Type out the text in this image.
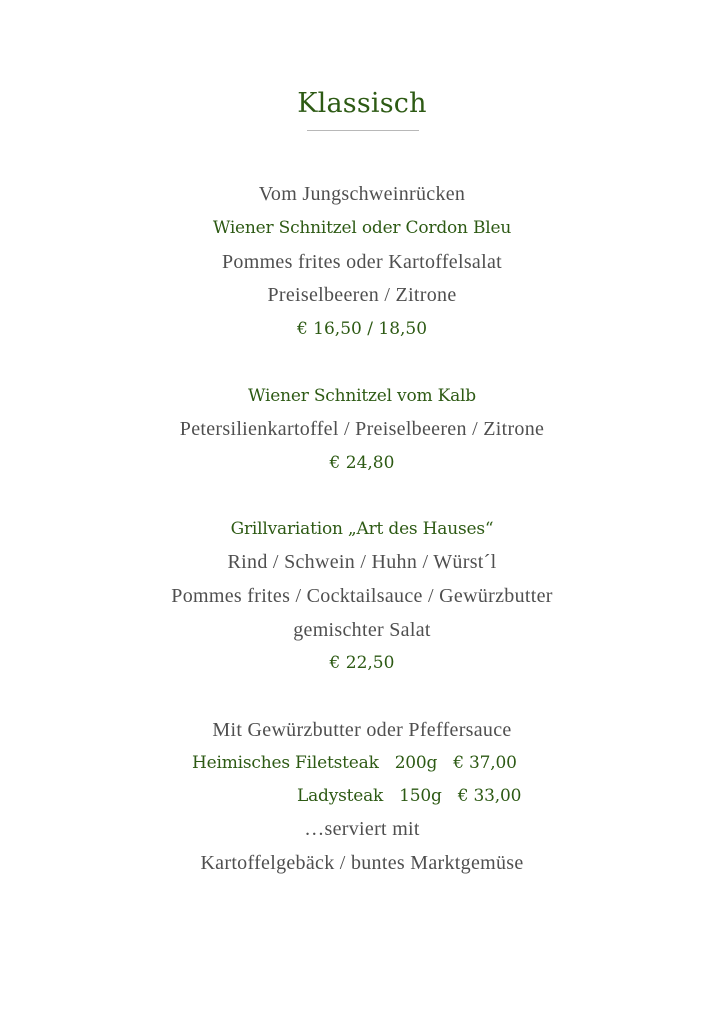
Klassisch
Vom Jungschweinrücken
Wiener Schnitzel oder Cordon Bleu
Pommes frites oder Kartoffelsalat
Preiselbeeren / Zitrone
€ 16,50 / 18,50
Wiener Schnitzel vom Kalb
Petersilienkartoffel / Preiselbeeren / Zitrone
€ 24,80
Grillvariation „Art des Hauses“
Rind / Schwein / Huhn / Würst´l
Pommes frites / Cocktailsauce / Gewürzbutter
gemischter Salat
€ 22,50
Mit Gewürzbutter oder Pfeffersauce
Heimisches Filetsteak 200g € 37,00
Ladysteak 150g € 33,00
…serviert mit
Kartoffelgebäck / buntes Marktgemüse
